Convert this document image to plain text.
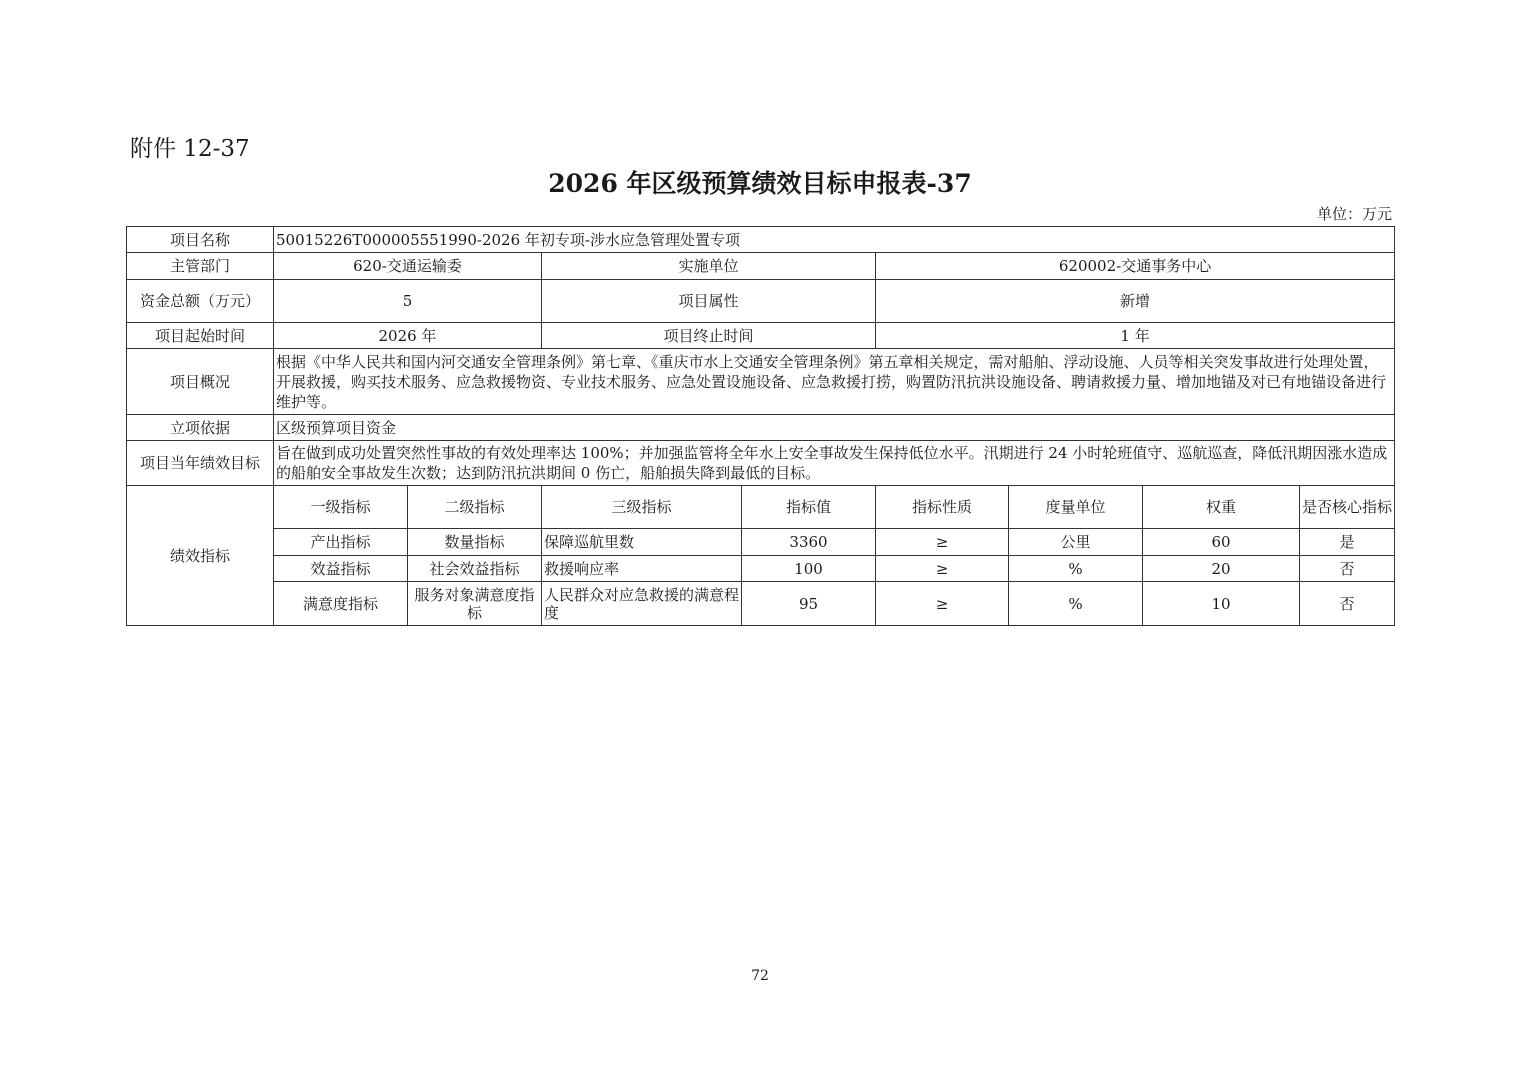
附件 12-37
2026 年区级预算绩效目标申报表-37
单位：万元
项目名称	50015226T000005551990-2026 年初专项-涉水应急管理处置专项							
主管部门	620-交通运输委		实施单位		620002-交通事务中心			
资金总额（万元）	5		项目属性		新增			
项目起始时间	2026 年		项目终止时间		1 年			
项目概况	根据《中华人民共和国内河交通安全管理条例》第七章、《重庆市水上交通安全管理条例》第五章相关规定，需对船舶、浮动设施、人员等相关突发事故进行处理处置，开展救援，购买技术服务、应急救援物资、专业技术服务、应急处置设施设备、应急救援打捞，购置防汛抗洪设施设备、聘请救援力量、增加地锚及对已有地锚设备进行维护等。							
立项依据	区级预算项目资金							
项目当年绩效目标	旨在做到成功处置突然性事故的有效处理率达 100%；并加强监管将全年水上安全事故发生保持低位水平。汛期进行 24 小时轮班值守、巡航巡查，降低汛期因涨水造成的船舶安全事故发生次数；达到防汛抗洪期间 0 伤亡，船舶损失降到最低的目标。							
绩效指标	一级指标	二级指标	三级指标	指标值	指标性质	度量单位	权重	是否核心指标
	产出指标	数量指标	保障巡航里数	3360	≥	公里	60	是
	效益指标	社会效益指标	救援响应率	100	≥	%	20	否
	满意度指标	服务对象满意度指标	人民群众对应急救援的满意程度	95	≥	%	10	否
72
